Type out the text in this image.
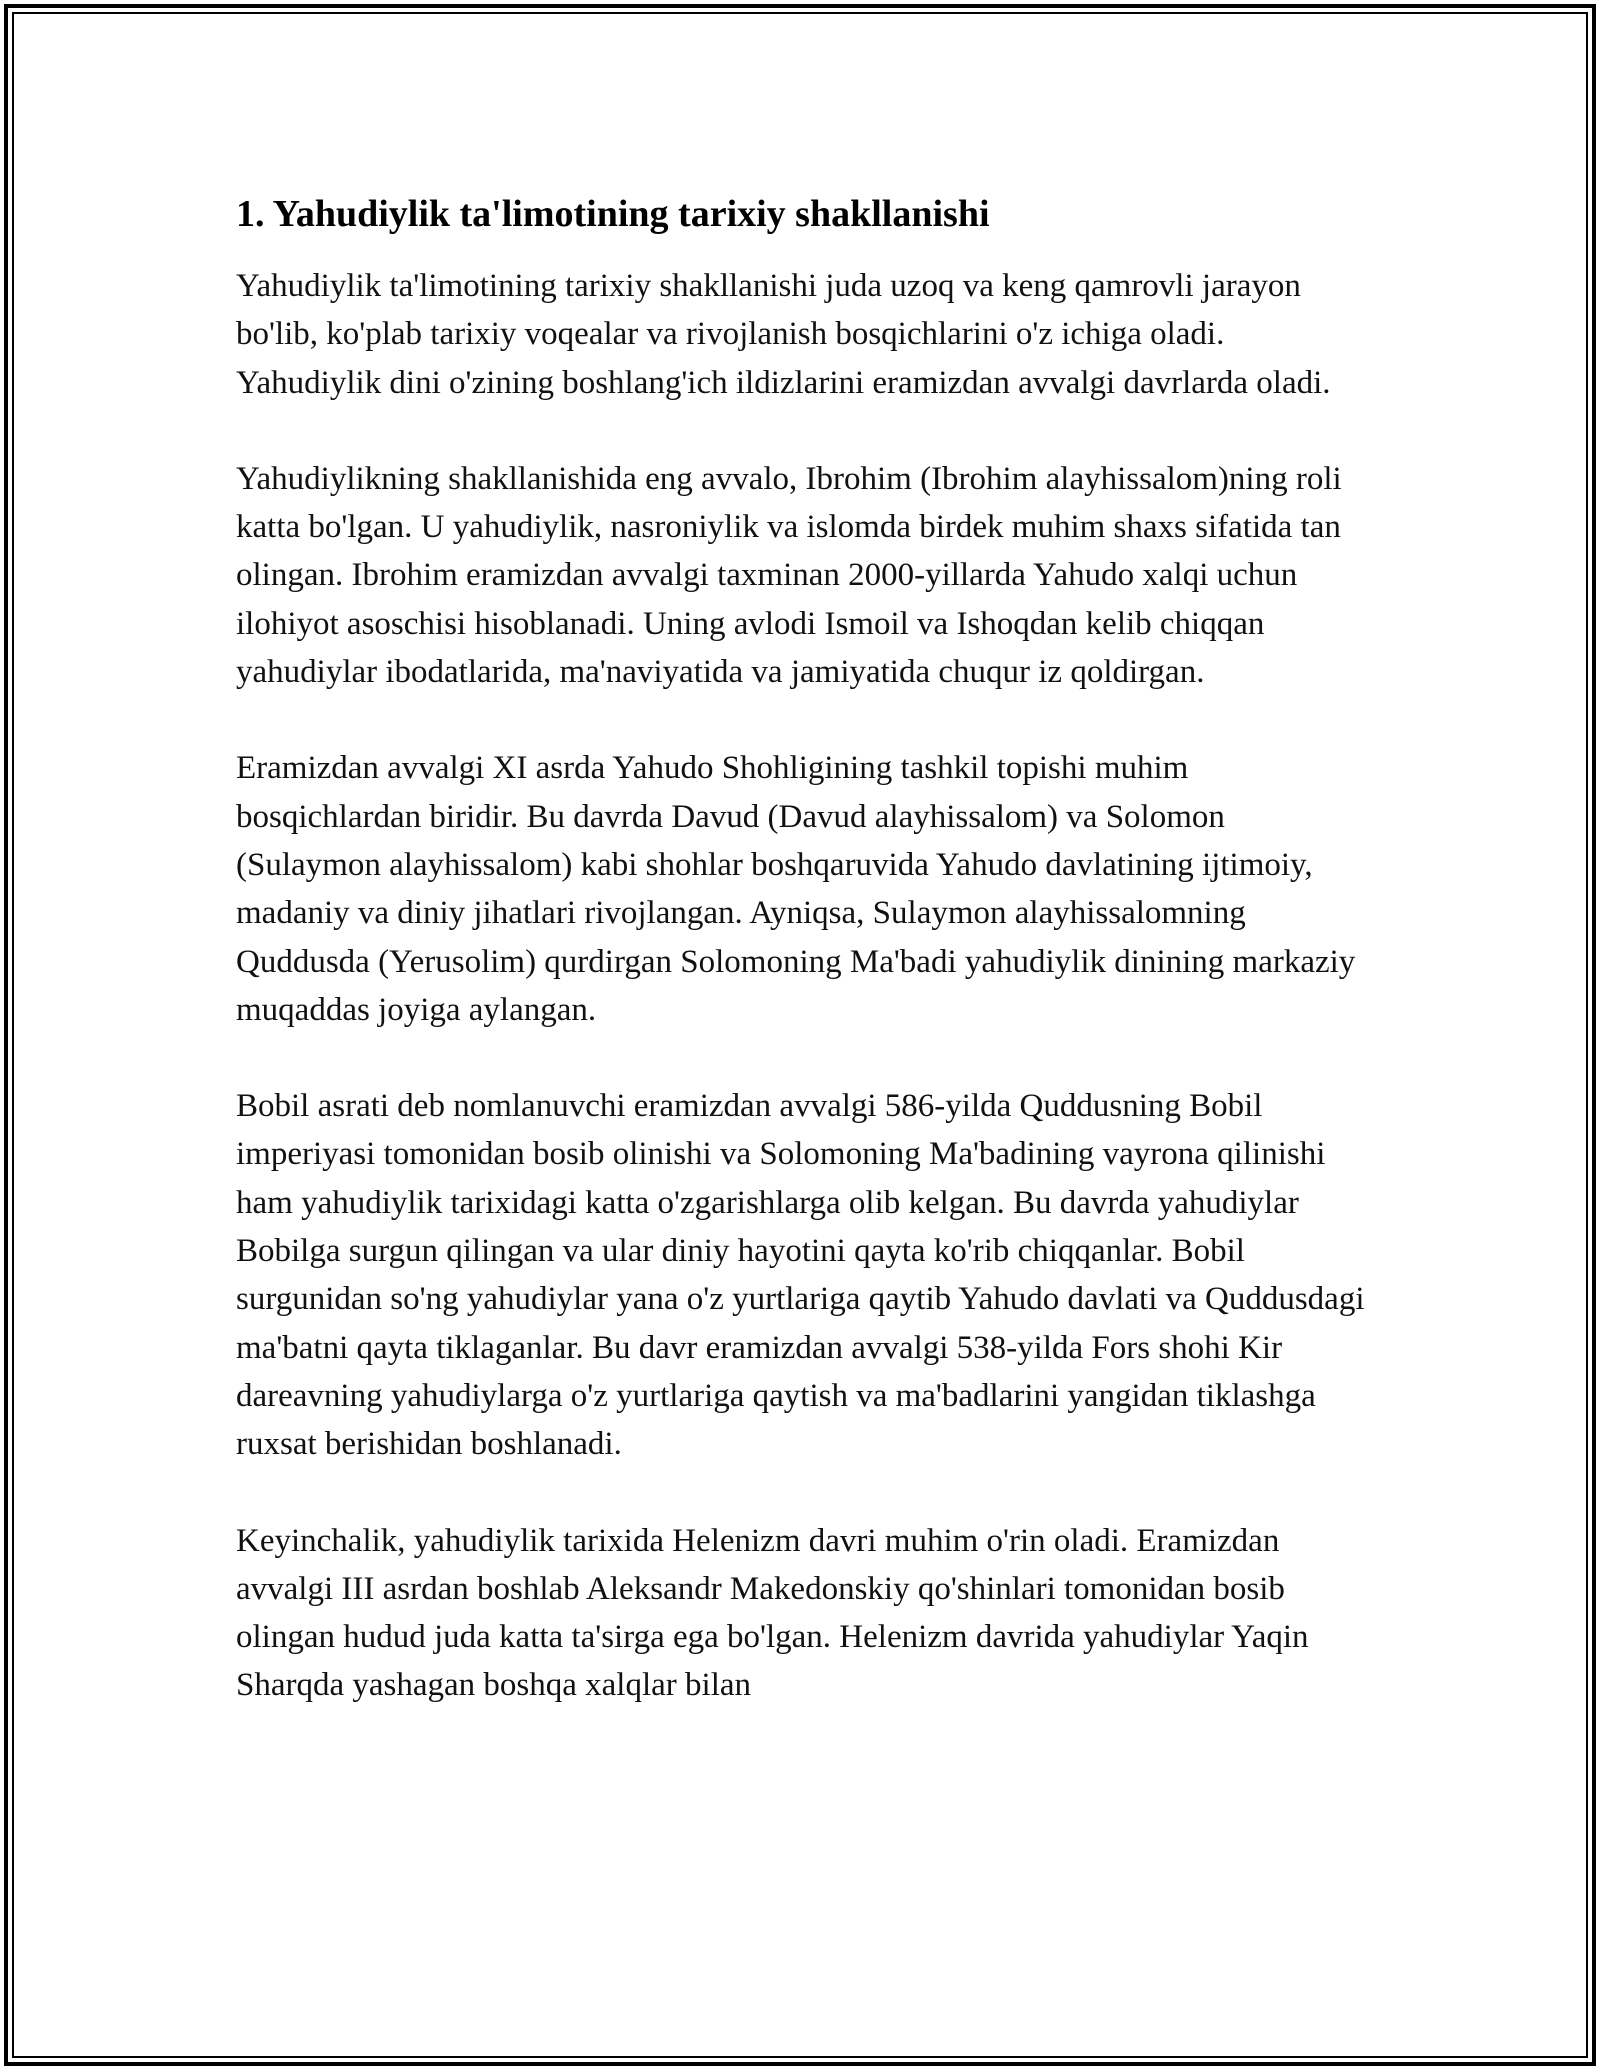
1. Yahudiylik ta'limotining tarixiy shakllanishi

Yahudiylik ta'limotining tarixiy shakllanishi juda uzoq va keng qamrovli jarayon bo'lib, ko'plab tarixiy voqealar va rivojlanish bosqichlarini o'z ichiga oladi. Yahudiylik dini o'zining boshlang'ich ildizlarini eramizdan avvalgi davrlarda oladi.

Yahudiylikning shakllanishida eng avvalo, Ibrohim (Ibrohim alayhissalom)ning roli katta bo'lgan. U yahudiylik, nasroniylik va islomda birdek muhim shaxs sifatida tan olingan. Ibrohim eramizdan avvalgi taxminan 2000-yillarda Yahudo xalqi uchun ilohiyot asoschisi hisoblanadi. Uning avlodi Ismoil va Ishoqdan kelib chiqqan yahudiylar ibodatlarida, ma'naviyatida va jamiyatida chuqur iz qoldirgan.

Eramizdan avvalgi XI asrda Yahudo Shohligining tashkil topishi muhim bosqichlardan biridir. Bu davrda Davud (Davud alayhissalom) va Solomon (Sulaymon alayhissalom) kabi shohlar boshqaruvida Yahudo davlatining ijtimoiy, madaniy va diniy jihatlari rivojlangan. Ayniqsa, Sulaymon alayhissalomning Quddusda (Yerusolim) qurdirgan Solomoning Ma'badi yahudiylik dinining markaziy muqaddas joyiga aylangan.

Bobil asrati deb nomlanuvchi eramizdan avvalgi 586-yilda Quddusning Bobil imperiyasi tomonidan bosib olinishi va Solomoning Ma'badining vayrona qilinishi ham yahudiylik tarixidagi katta o'zgarishlarga olib kelgan. Bu davrda yahudiylar Bobilga surgun qilingan va ular diniy hayotini qayta ko'rib chiqqanlar. Bobil surgunidan so'ng yahudiylar yana o'z yurtlariga qaytib Yahudo davlati va Quddusdagi ma'batni qayta tiklaganlar. Bu davr eramizdan avvalgi 538-yilda Fors shohi Kir dareavning yahudiylarga o'z yurtlariga qaytish va ma'badlarini yangidan tiklashga ruxsat berishidan boshlanadi.

Keyinchalik, yahudiylik tarixida Helenizm davri muhim o'rin oladi. Eramizdan avvalgi III asrdan boshlab Aleksandr Makedonskiy qo'shinlari tomonidan bosib olingan hudud juda katta ta'sirga ega bo'lgan. Helenizm davrida yahudiylar Yaqin Sharqda yashagan boshqa xalqlar bilan
